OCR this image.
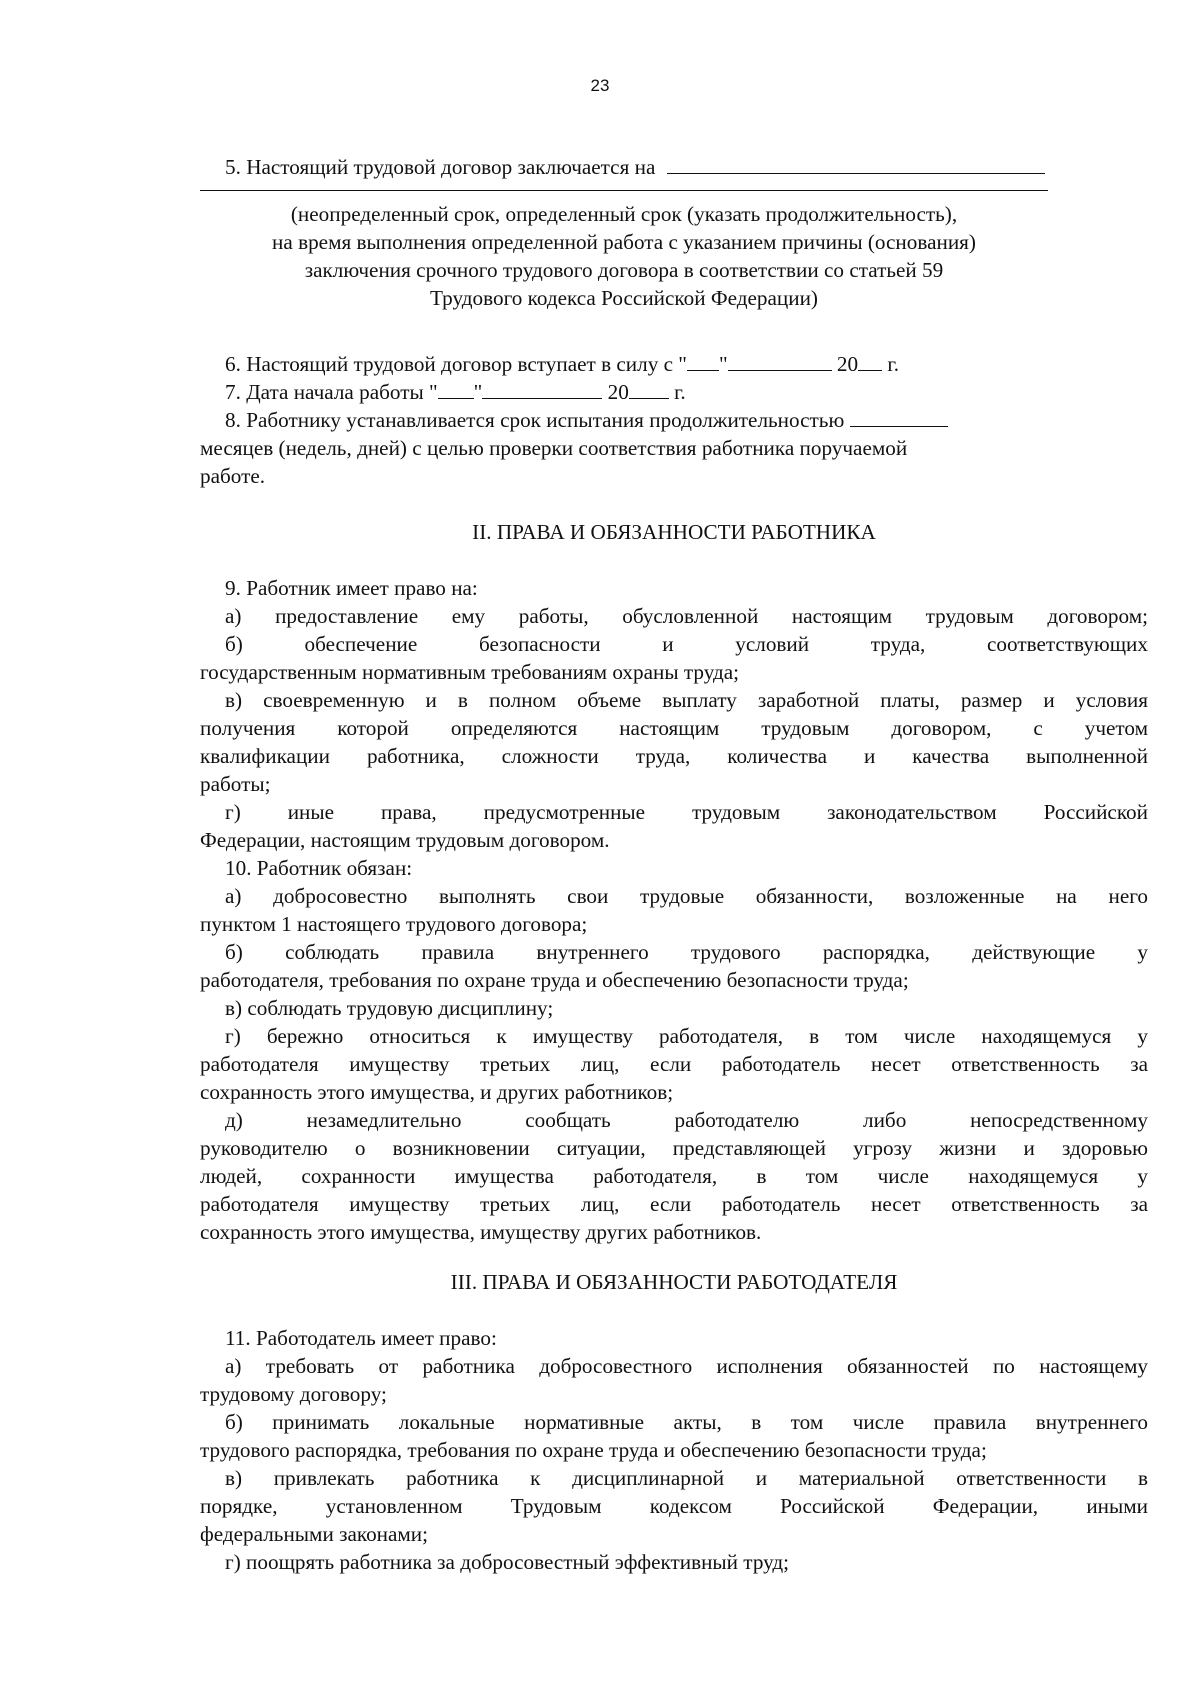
23

5. Настоящий трудовой договор заключается на

(неопределенный срок, определенный срок (указать продолжительность),

на время выполнения определенной работа с указанием причины (основания)

заключения срочного трудового договора в соответствии со статьей 59

Трудового кодекса Российской Федерации)

6. Настоящий трудовой договор вступает в силу с " "	20 г.

7. Дата начала работы " "	20 г.

8. Работнику устанавливается срок испытания продолжительностью

месяцев (недель, дней) с целью проверки соответствия работника поручаемой

работе.

II. ПРАВА И ОБЯЗАННОСТИ РАБОТНИКА

9. Работник имеет право на:

а) предоставление ему работы, обусловленной настоящим трудовым договором;

б) обеспечение безопасности и условий труда, соответствующих

государственным нормативным требованиям охраны труда;

в) своевременную и в полном объеме выплату заработной платы, размер и условия

получения которой определяются настоящим трудовым договором, с учетом

квалификации работника, сложности труда, количества и качества выполненной

работы;

г) иные права, предусмотренные трудовым законодательством Российской

Федерации, настоящим трудовым договором.

10. Работник обязан:

а) добросовестно выполнять свои трудовые обязанности, возложенные на него

пунктом 1 настоящего трудового договора;

б) соблюдать правила внутреннего трудового распорядка, действующие у

работодателя, требования по охране труда и обеспечению безопасности труда;

в) соблюдать трудовую дисциплину;

г) бережно относиться к имуществу работодателя, в том числе находящемуся у

работодателя имуществу третьих лиц, если работодатель несет ответственность за

сохранность этого имущества, и других работников;

д) незамедлительно сообщать работодателю либо непосредственному

руководителю о возникновении ситуации, представляющей угрозу жизни и здоровью

людей, сохранности имущества работодателя, в том числе находящемуся у

работодателя имуществу третьих лиц, если работодатель несет ответственность за

сохранность этого имущества, имуществу других работников.

III. ПРАВА И ОБЯЗАННОСТИ РАБОТОДАТЕЛЯ

11. Работодатель имеет право:

а) требовать от работника добросовестного исполнения обязанностей по настоящему

трудовому договору;

б) принимать локальные нормативные акты, в том числе правила внутреннего

трудового распорядка, требования по охране труда и обеспечению безопасности труда;

в) привлекать работника к дисциплинарной и материальной ответственности в

порядке, установленном Трудовым кодексом Российской Федерации, иными

федеральными законами;

г) поощрять работника за добросовестный эффективный труд;
